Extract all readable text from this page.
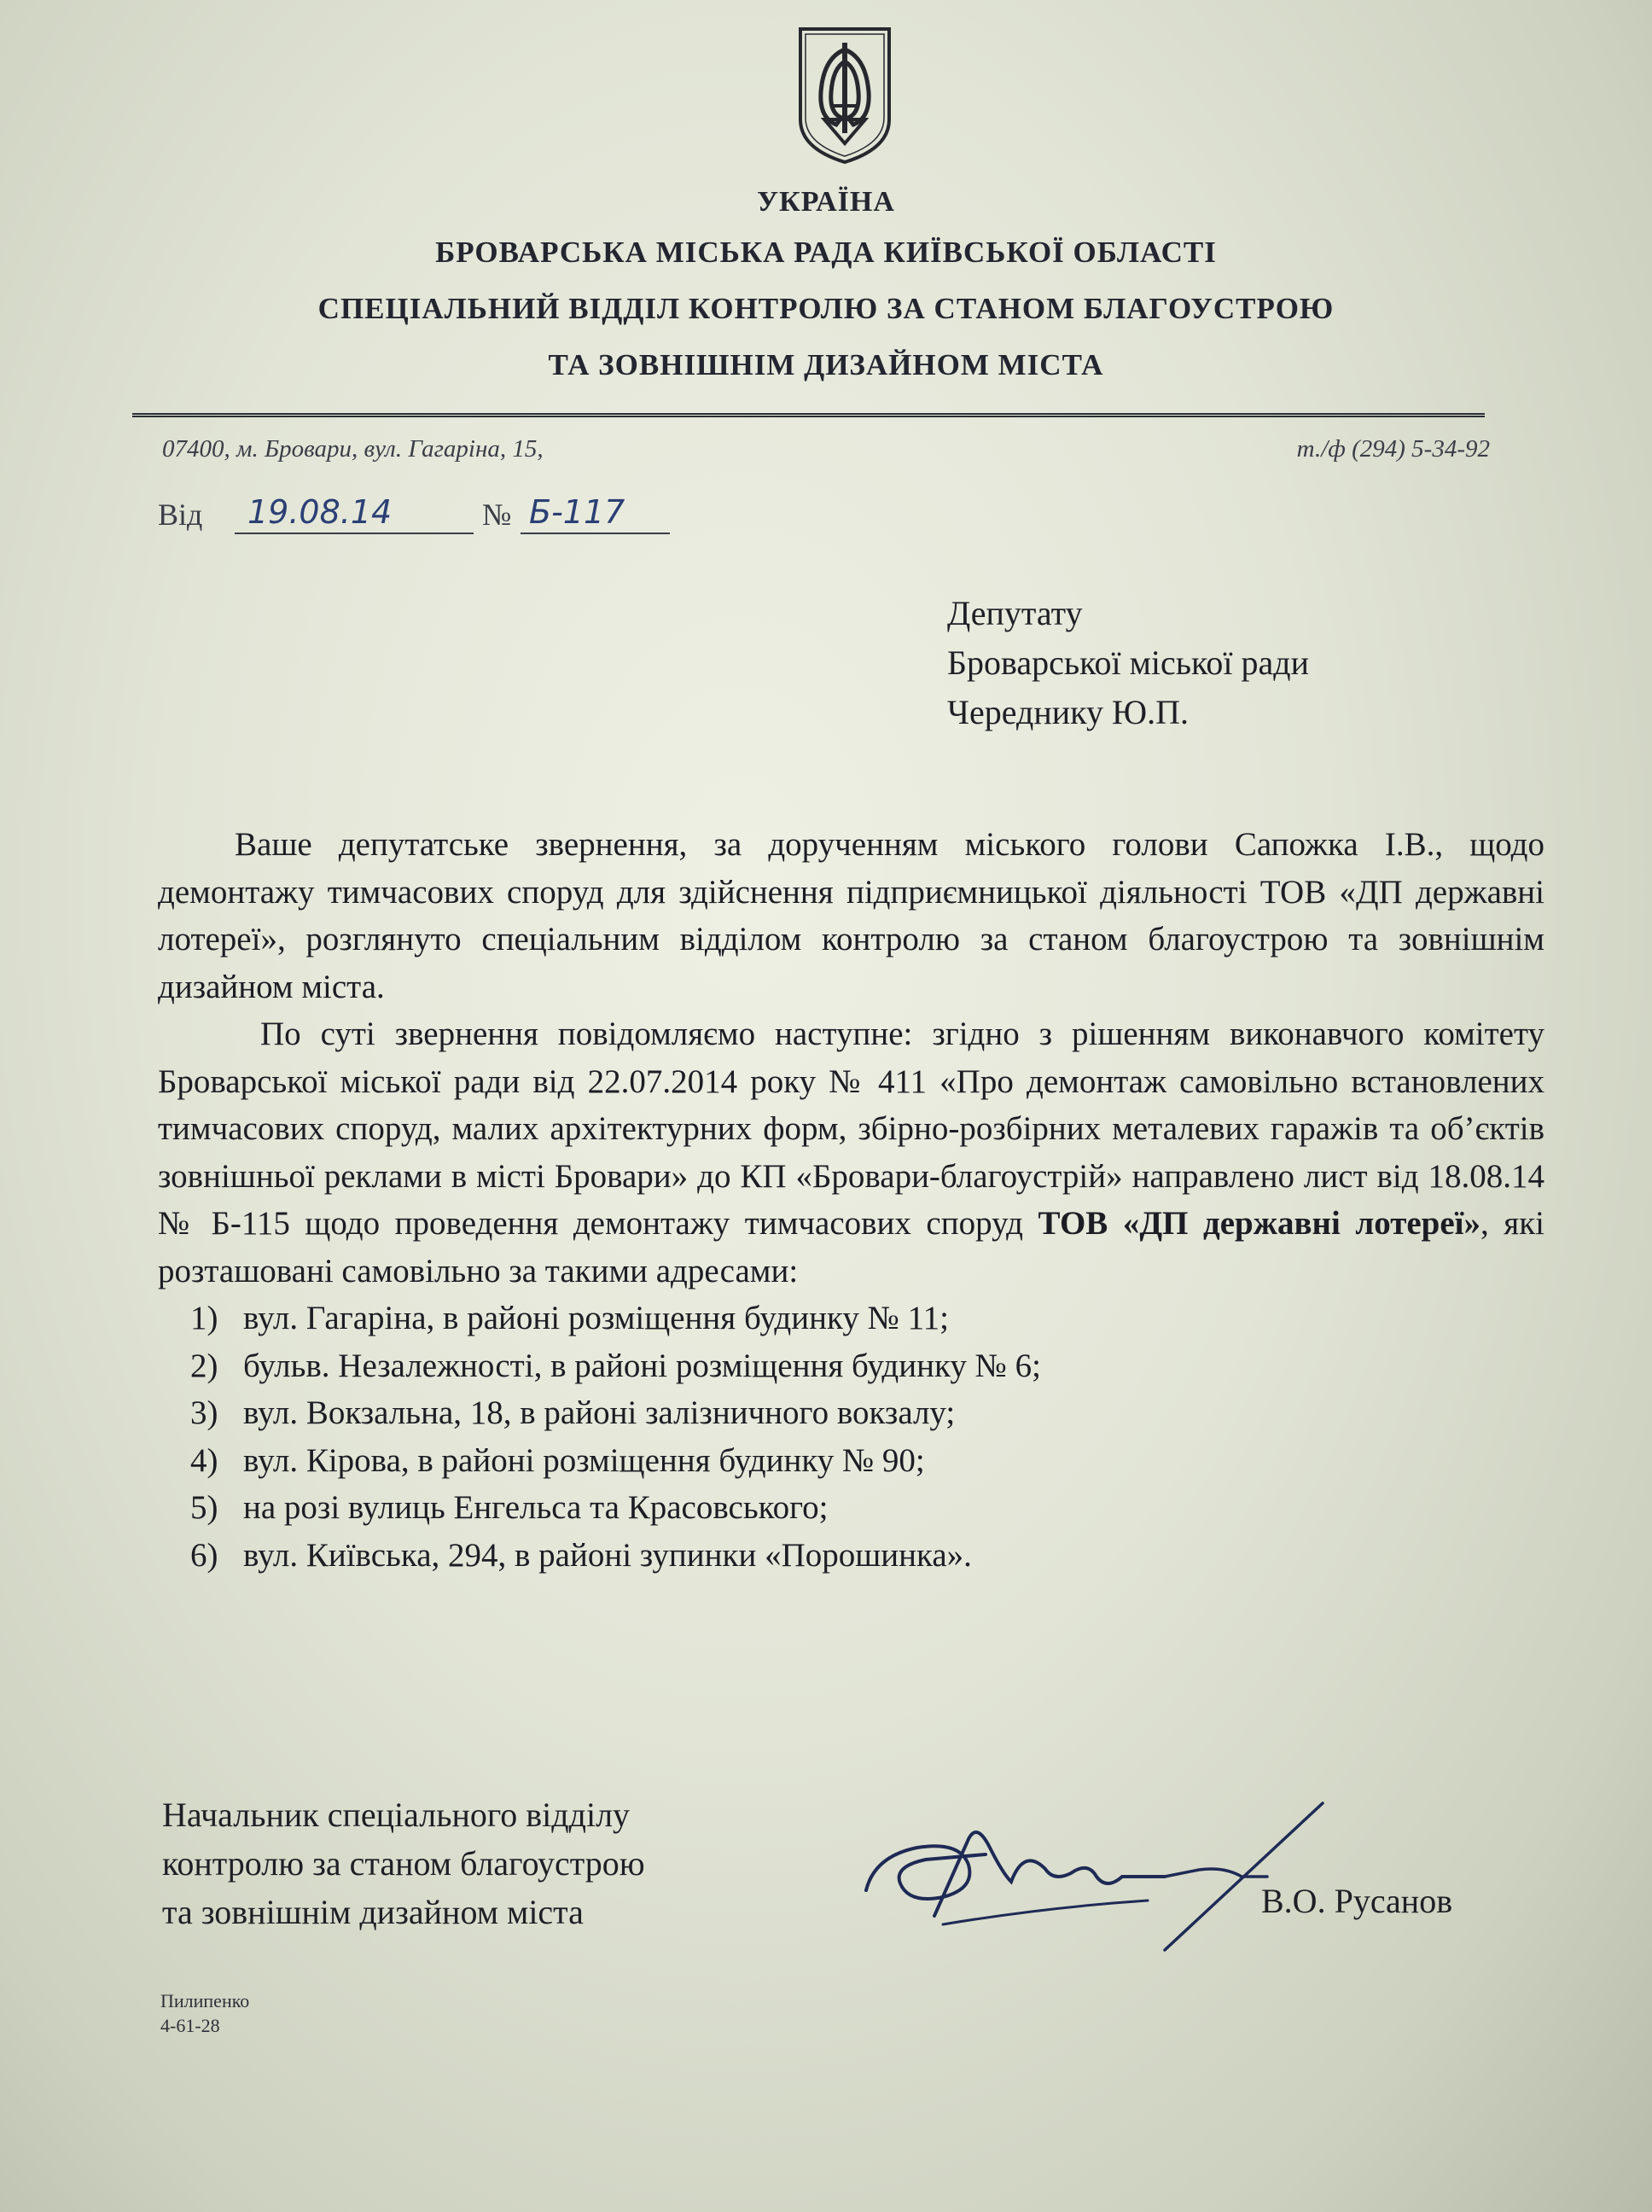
УКРАЇНА
БРОВАРСЬКА МІСЬКА РАДА КИЇВСЬКОЇ ОБЛАСТІ
СПЕЦІАЛЬНИЙ ВІДДІЛ КОНТРОЛЮ ЗА СТАНОМ БЛАГОУСТРОЮ
ТА ЗОВНІШНІМ ДИЗАЙНОМ МІСТА
07400, м. Бровари, вул. Гагаріна, 15,	т./ф (294) 5-34-92
Від	19.08.14	№ Б-117
Депутату
Броварської міської ради
Череднику Ю.П.

Ваше депутатське звернення, за дорученням міського голови Сапожка І.В., щодо демонтажу тимчасових споруд для здійснення підприємницької діяльності ТОВ «ДП державні лотереї», розглянуто спеціальним відділом контролю за станом благоустрою та зовнішнім дизайном міста.

По суті звернення повідомляємо наступне: згідно з рішенням виконавчого комітету Броварської міської ради від 22.07.2014 року № 411 «Про демонтаж самовільно встановлених тимчасових споруд, малих архітектурних форм, збірно-розбірних металевих гаражів та об’єктів зовнішньої реклами в місті Бровари» до КП «Бровари-благоустрій» направлено лист від 18.08.14 № Б-115 щодо проведення демонтажу тимчасових споруд ТОВ «ДП державні лотереї», які розташовані самовільно за такими адресами:

1) вул. Гагаріна, в районі розміщення будинку № 11;
2) бульв. Незалежності, в районі розміщення будинку № 6;
3) вул. Вокзальна, 18, в районі залізничного вокзалу;
4) вул. Кірова, в районі розміщення будинку № 90;
5) на розі вулиць Енгельса та Красовського;
6) вул. Київська, 294, в районі зупинки «Порошинка».
Начальник спеціального відділу
контролю за станом благоустрою
та зовнішнім дизайном міста	В.О. Русанов
Пилипенко
4-61-28
